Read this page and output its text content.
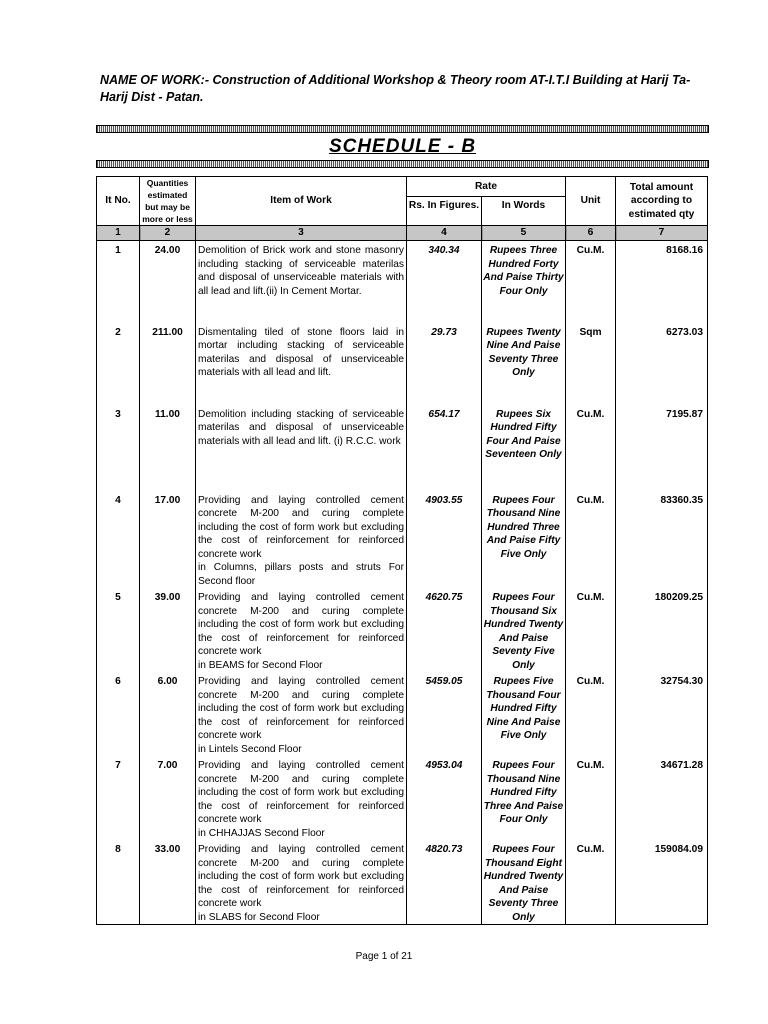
NAME OF WORK:- Construction of Additional Workshop & Theory room AT-I.T.I Building at Harij Ta-Harij Dist - Patan.
SCHEDULE - B
It No.	Quantities estimated but may be more or less	Item of Work	Rate		Unit	Total amount according to estimated qty
			Rs. In Figures.	In Words		
1	2	3	4	5	6	7
1	24.00	Demolition of Brick work and stone masonry including stacking of serviceable materilas and disposal of unserviceable materials with all lead and lift.(ii) In Cement Mortar.	340.34	Rupees Three Hundred Forty And Paise Thirty Four Only	Cu.M.	8168.16
2	211.00	Dismentaling tiled of stone floors laid in mortar including stacking of serviceable materilas and disposal of unserviceable materials with all lead and lift.	29.73	Rupees Twenty Nine And Paise Seventy Three Only	Sqm	6273.03
3	11.00	Demolition including stacking of serviceable materilas and disposal of unserviceable materials with all lead and lift. (i) R.C.C. work	654.17	Rupees Six Hundred Fifty Four And Paise Seventeen Only	Cu.M.	7195.87
4	17.00	Providing and laying controlled cement concrete M-200 and curing complete including the cost of form work but excluding the cost of reinforcement for reinforced concrete work
in Columns, pillars posts and struts For Second floor	4903.55	Rupees Four Thousand Nine Hundred Three And Paise Fifty Five Only	Cu.M.	83360.35
5	39.00	Providing and laying controlled cement concrete M-200 and curing complete including the cost of form work but excluding the cost of reinforcement for reinforced concrete work
in BEAMS for Second Floor	4620.75	Rupees Four Thousand Six Hundred Twenty And Paise Seventy Five Only	Cu.M.	180209.25
6	6.00	Providing and laying controlled cement concrete M-200 and curing complete including the cost of form work but excluding the cost of reinforcement for reinforced concrete work
in Lintels Second Floor	5459.05	Rupees Five Thousand Four Hundred Fifty Nine And Paise Five Only	Cu.M.	32754.30
7	7.00	Providing and laying controlled cement concrete M-200 and curing complete including the cost of form work but excluding the cost of reinforcement for reinforced concrete work
in CHHAJJAS Second Floor	4953.04	Rupees Four Thousand Nine Hundred Fifty Three And Paise Four Only	Cu.M.	34671.28
8	33.00	Providing and laying controlled cement concrete M-200 and curing complete including the cost of form work but excluding the cost of reinforcement for reinforced concrete work
in SLABS for Second Floor	4820.73	Rupees Four Thousand Eight Hundred Twenty And Paise Seventy Three Only	Cu.M.	159084.09
Page 1 of 21
